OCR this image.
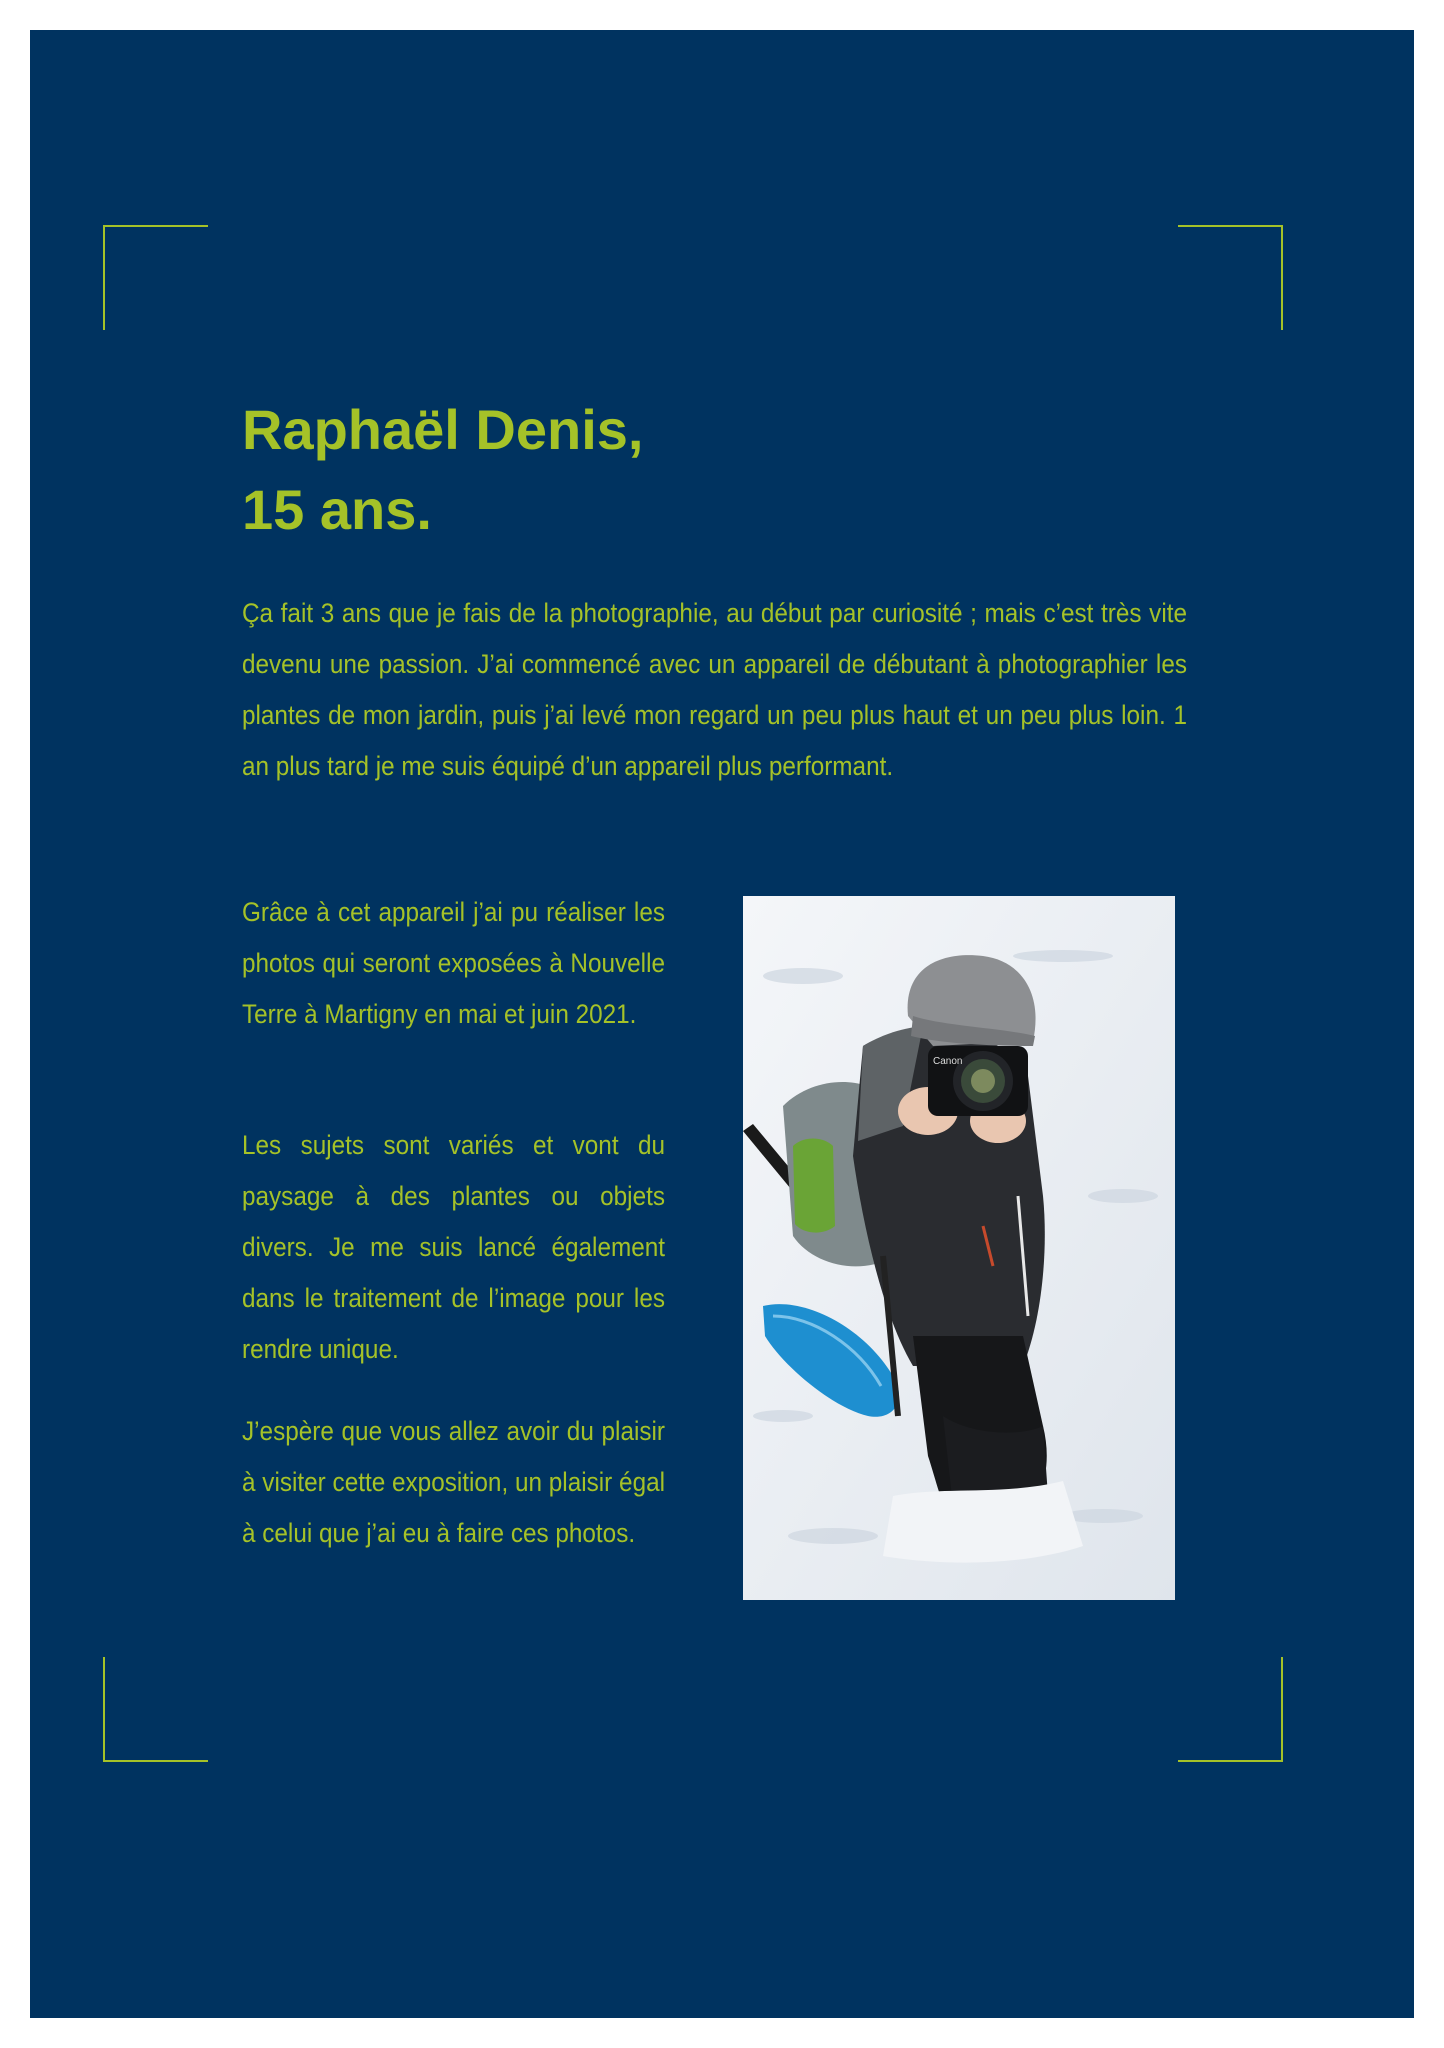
Raphaël Denis,
15 ans.

Ça fait 3 ans que je fais de la photographie, au début par curiosité ; mais c’est très vite devenu une passion. J’ai commencé avec un appareil de débutant à photographier les plantes de mon jardin, puis j’ai levé mon regard un peu plus haut et un peu plus loin. 1 an plus tard je me suis équipé d’un appareil plus performant.

Grâce à cet appareil j’ai pu réaliser les photos qui seront exposées à Nouvelle Terre à Martigny en mai et juin 2021.

Les sujets sont variés et vont du paysage à des plantes ou objets divers. Je me suis lancé également dans le traitement de l’image pour les rendre unique.

J’espère que vous allez avoir du plaisir à visiter cette exposition, un plaisir égal à celui que j’ai eu à faire ces photos.

Canon
